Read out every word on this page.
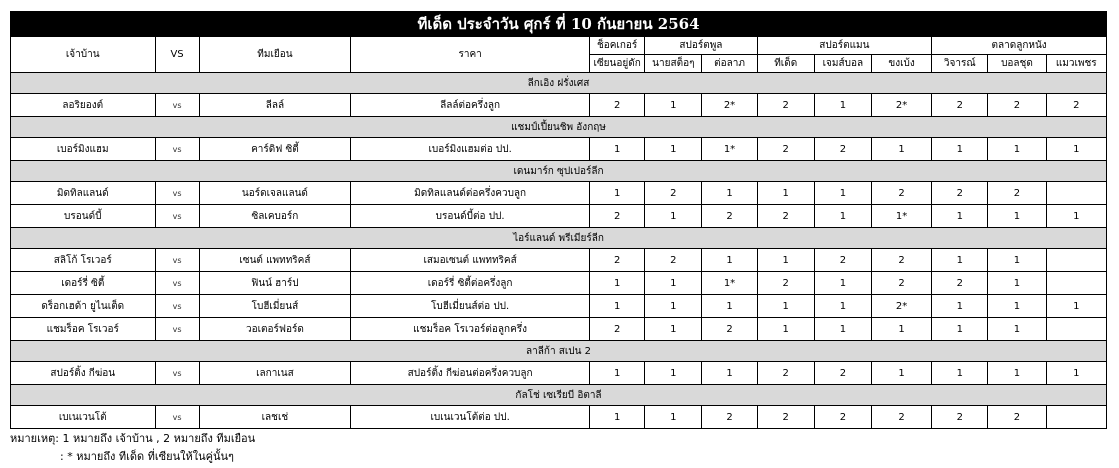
ทีเด็ด ประจำวัน ศุกร์ ที่ 10 กันยายน 2564												
เจ้าบ้าน	VS	ทีมเยือน	ราคา	ช็อคเกอร์	สปอร์ตพูล		สปอร์ตแมน			ตลาดลูกหนัง		
				เซียนอยู่ดัก	นายสต็อๆ	ต่อลาภ	ทีเด็ด	เจมส์บอล	ขงเบ้ง	วิจารณ์	บอลชุด	แมวเพชร
ลีกเอิง ฝรั่งเศส												
ลอริยองต์	vs	ลีลล์	ลีลล์ต่อครึ่งลูก	2	1	2*	2	1	2*	2	2	2
แชมป์เปี้ยนชิพ อังกฤษ												
เบอร์มิงแฮม	vs	คาร์ดิฟ ซิตี้	เบอร์มิงแฮมต่อ ปป.	1	1	1*	2	2	1	1	1	1
เดนมาร์ก ซุปเปอร์ลีก												
มิดทิลแลนด์	vs	นอร์ดเจลแลนด์	มิดทิลแลนด์ต่อครึ่งควบลูก	1	2	1	1	1	2	2	2	
บรอนด์บี้	vs	ซิลเคบอร์ก	บรอนด์บี้ต่อ ปป.	2	1	2	2	1	1*	1	1	1
ไอร์แลนด์ พรีเมียร์ลีก												
สลิโก้ โรเวอร์	vs	เซนต์ แพททริคส์	เสมอเซนต์ แพททริคส์	2	2	1	1	2	2	1	1	
เดอร์รี่ ซิตี้	vs	ฟินน์ ฮาร์ป	เดอร์รี่ ซิตี้ต่อครึ่งลูก	1	1	1*	2	1	2	2	1	
ดร็อกเฮด้า ยูไนเต็ด	vs	โบฮีเมี่ยนส์	โบฮีเมี่ยนส์ต่อ ปป.	1	1	1	1	1	2*	1	1	1
แชมร็อค โรเวอร์	vs	วอเตอร์ฟอร์ด	แชมร็อค โรเวอร์ต่อลูกครึ่ง	2	1	2	1	1	1	1	1	
ลาลีก้า สเปน 2												
สปอร์ติ้ง กีฆ่อน	vs	เลกาเนส	สปอร์ติ้ง กีฆ่อนต่อครึ่งควบลูก	1	1	1	2	2	1	1	1	1
กัลโช่ เซเรียบี อิตาลี												
เบเนเวนโต้	vs	เลชเช่	เบเนเวนโต้ต่อ ปป.	1	1	2	2	2	2	2	2	
หมายเหตุ: 1 หมายถึง เจ้าบ้าน , 2 หมายถึง ทีมเยือน
: * หมายถึง ทีเด็ด ที่เซียนให้ในคู่นั้นๆ
